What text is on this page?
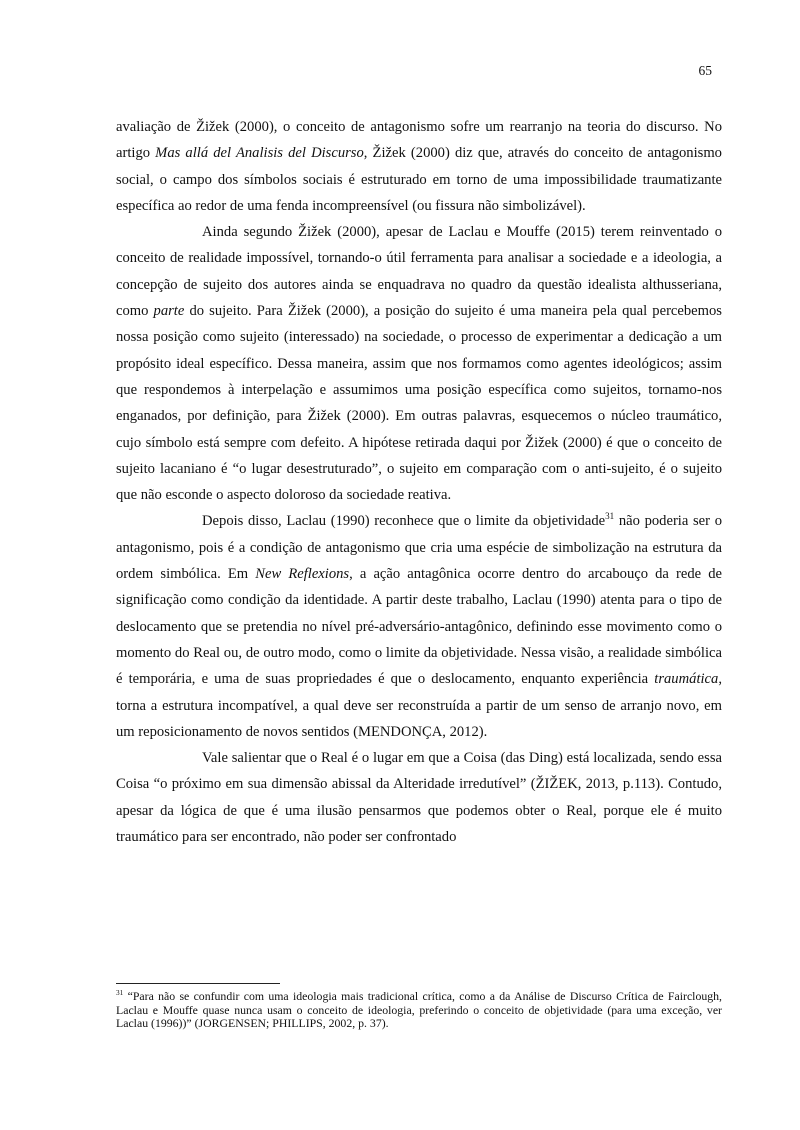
65

avaliação de Žižek (2000), o conceito de antagonismo sofre um rearranjo na teoria do discurso. No artigo Mas allá del Analisis del Discurso, Žižek (2000) diz que, através do conceito de antagonismo social, o campo dos símbolos sociais é estruturado em torno de uma impossibilidade traumatizante específica ao redor de uma fenda incompreensível (ou fissura não simbolizável).

Ainda segundo Žižek (2000), apesar de Laclau e Mouffe (2015) terem reinventado o conceito de realidade impossível, tornando-o útil ferramenta para analisar a sociedade e a ideologia, a concepção de sujeito dos autores ainda se enquadrava no quadro da questão idealista althusseriana, como parte do sujeito. Para Žižek (2000), a posição do sujeito é uma maneira pela qual percebemos nossa posição como sujeito (interessado) na sociedade, o processo de experimentar a dedicação a um propósito ideal específico. Dessa maneira, assim que nos formamos como agentes ideológicos; assim que respondemos à interpelação e assumimos uma posição específica como sujeitos, tornamo-nos enganados, por definição, para Žižek (2000). Em outras palavras, esquecemos o núcleo traumático, cujo símbolo está sempre com defeito. A hipótese retirada daqui por Žižek (2000) é que o conceito de sujeito lacaniano é “o lugar desestruturado”, o sujeito em comparação com o anti-sujeito, é o sujeito que não esconde o aspecto doloroso da sociedade reativa.

Depois disso, Laclau (1990) reconhece que o limite da objetividade$^{31}$ não poderia ser o antagonismo, pois é a condição de antagonismo que cria uma espécie de simbolização na estrutura da ordem simbólica. Em New Reflexions, a ação antagônica ocorre dentro do arcabouço da rede de significação como condição da identidade. A partir deste trabalho, Laclau (1990) atenta para o tipo de deslocamento que se pretendia no nível pré-adversário-antagônico, definindo esse movimento como o momento do Real ou, de outro modo, como o limite da objetividade. Nessa visão, a realidade simbólica é temporária, e uma de suas propriedades é que o deslocamento, enquanto experiência traumática, torna a estrutura incompatível, a qual deve ser reconstruída a partir de um senso de arranjo novo, em um reposicionamento de novos sentidos (MENDONÇA, 2012).

Vale salientar que o Real é o lugar em que a Coisa (das Ding) está localizada, sendo essa Coisa “o próximo em sua dimensão abissal da Alteridade irredutível” (ŽIŽEK, 2013, p.113). Contudo, apesar da lógica de que é uma ilusão pensarmos que podemos obter o Real, porque ele é muito traumático para ser encontrado, não poder ser confrontado

$^{31}$ “Para não se confundir com uma ideologia mais tradicional crítica, como a da Análise de Discurso Crítica de Fairclough, Laclau e Mouffe quase nunca usam o conceito de ideologia, preferindo o conceito de objetividade (para uma exceção, ver Laclau (1996))” (JORGENSEN; PHILLIPS, 2002, p. 37).
